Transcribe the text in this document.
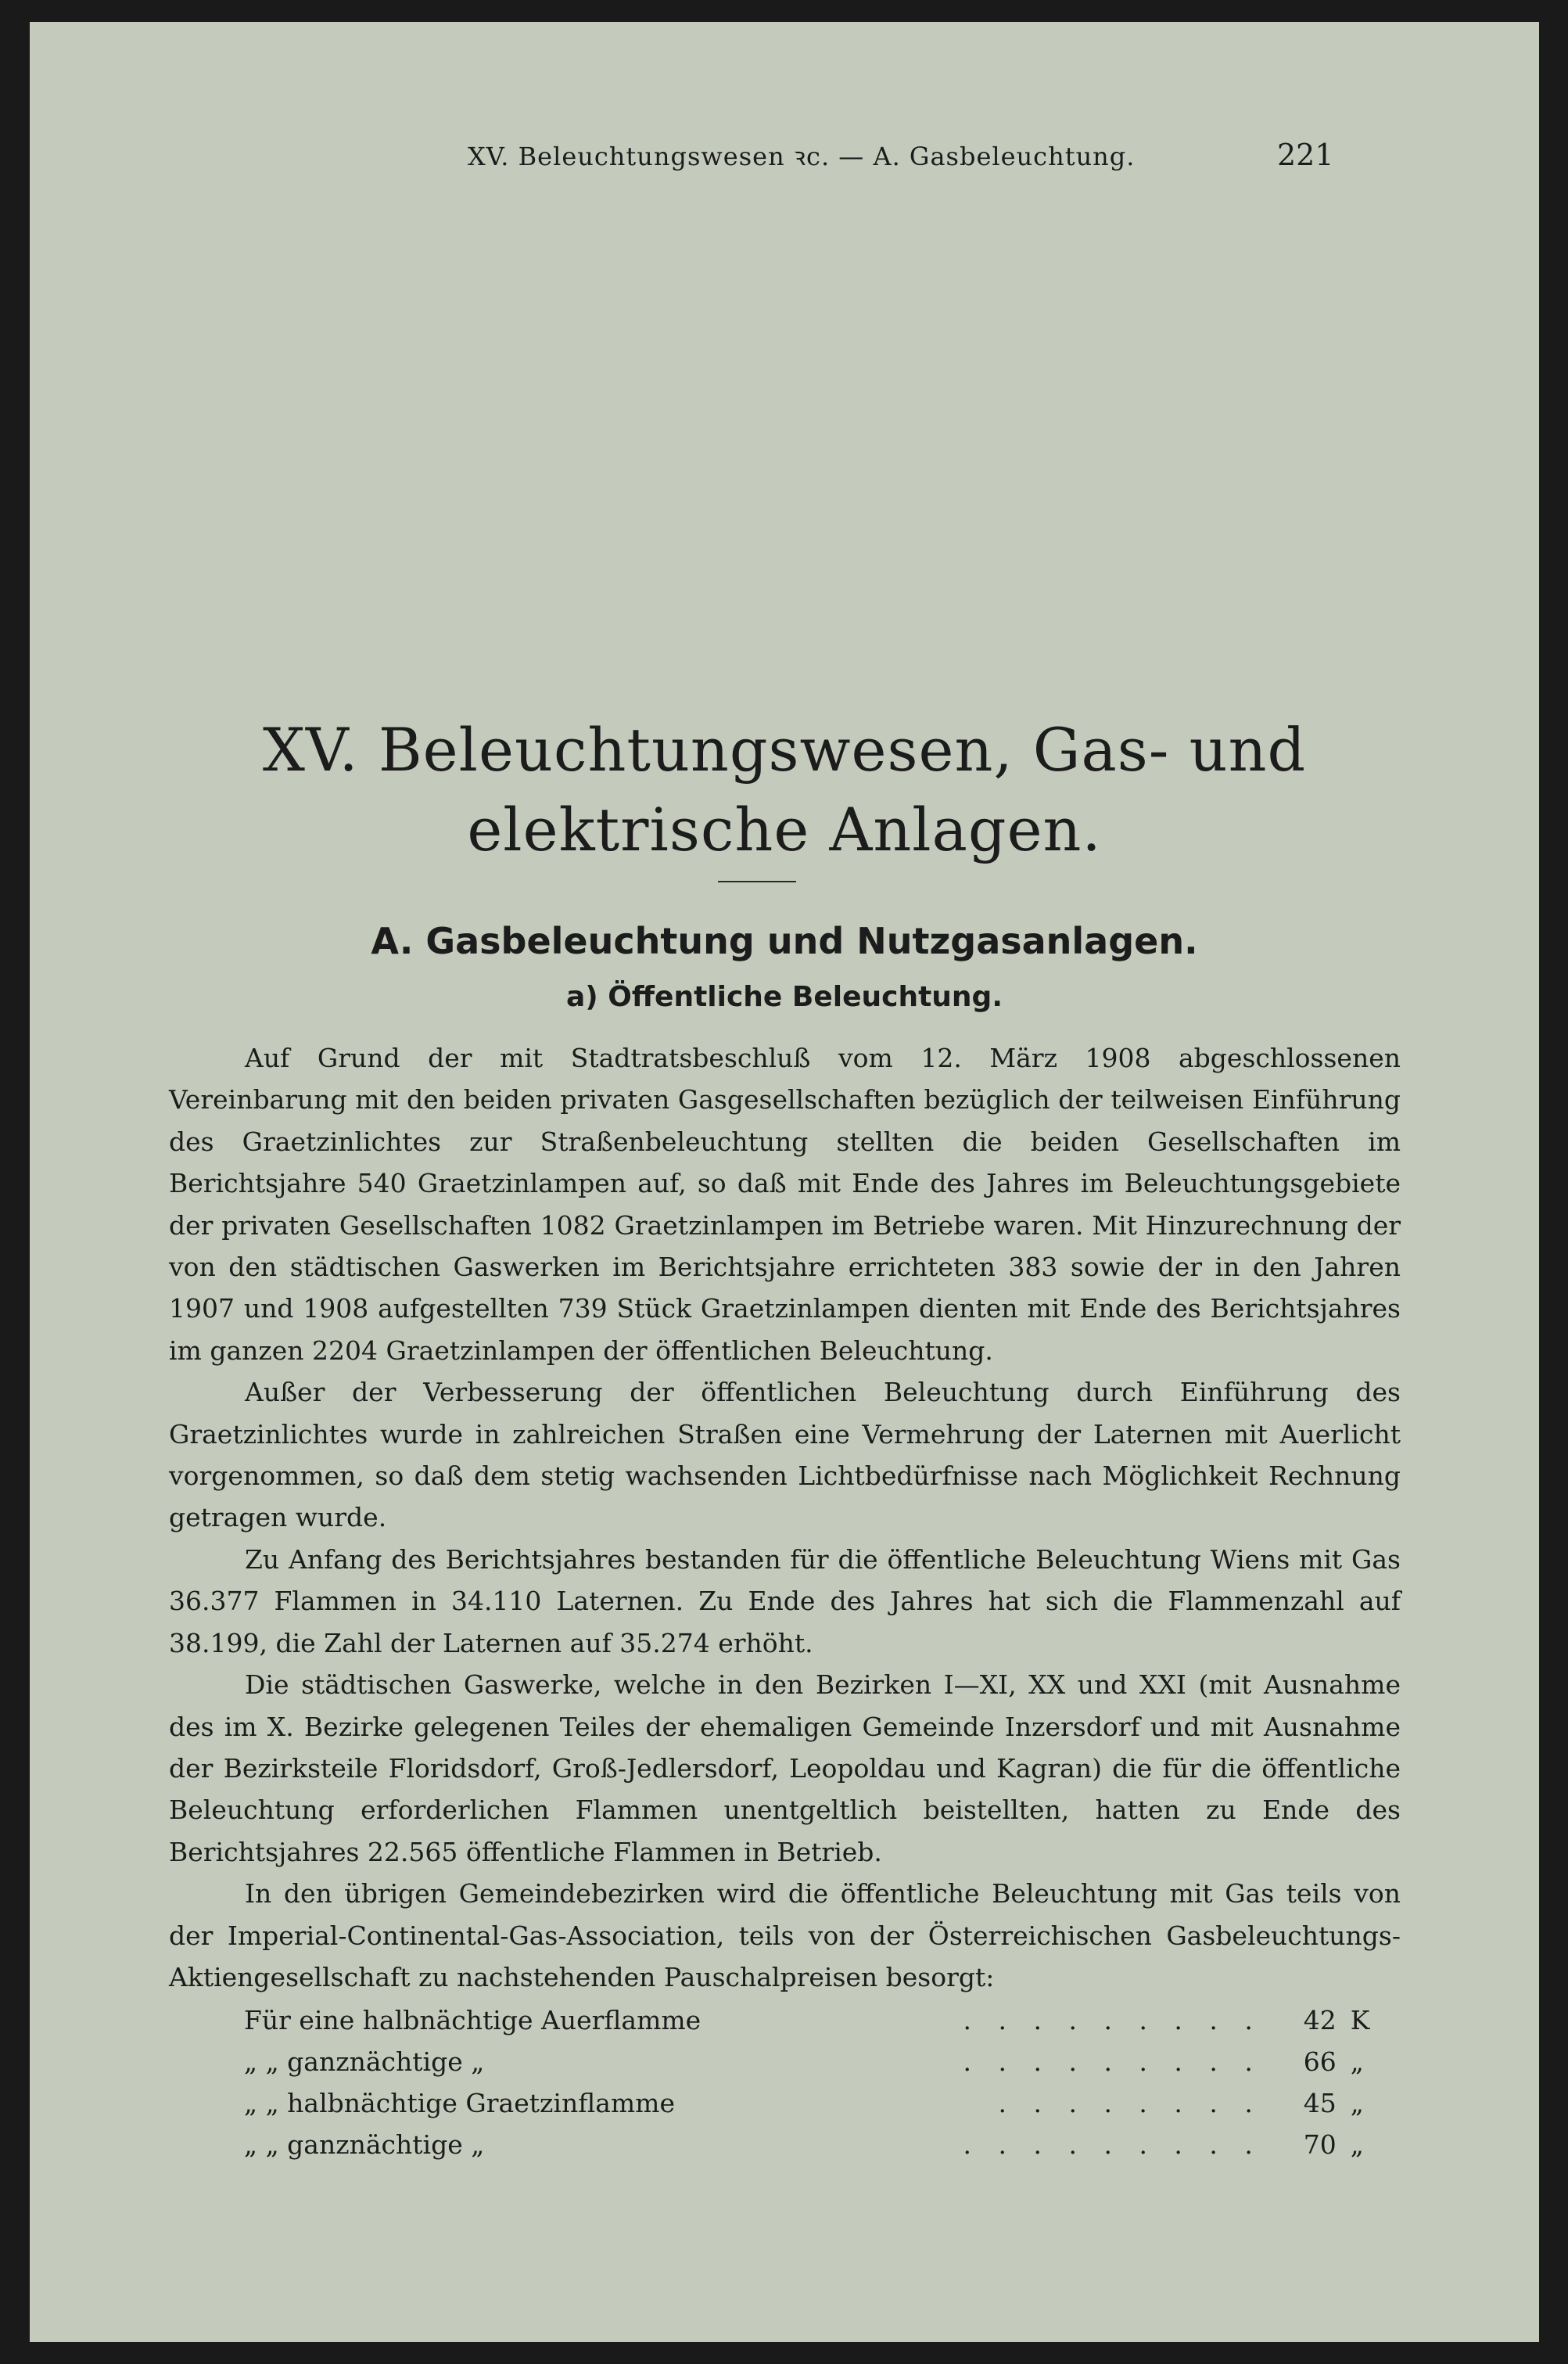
XV. Beleuchtungswesen ꝛc. — A. Gasbeleuchtung.	221
XV. Beleuchtungswesen, Gas- und elektrische Anlagen.
A. Gasbeleuchtung und Nutzgasanlagen.
a) Öffentliche Beleuchtung.

Auf Grund der mit Stadtratsbeschluß vom 12. März 1908 abgeschlossenen Vereinbarung mit den beiden privaten Gasgesellschaften bezüglich der teilweisen Einführung des Graetzinlichtes zur Straßenbeleuchtung stellten die beiden Gesellschaften im Berichtsjahre 540 Graetzinlampen auf, so daß mit Ende des Jahres im Beleuchtungsgebiete der privaten Gesellschaften 1082 Graetzinlampen im Betriebe waren. Mit Hinzurechnung der von den städtischen Gaswerken im Berichtsjahre errichteten 383 sowie der in den Jahren 1907 und 1908 aufgestellten 739 Stück Graetzinlampen dienten mit Ende des Berichtsjahres im ganzen 2204 Graetzinlampen der öffentlichen Beleuchtung.

Außer der Verbesserung der öffentlichen Beleuchtung durch Einführung des Graetzinlichtes wurde in zahlreichen Straßen eine Vermehrung der Laternen mit Auerlicht vorgenommen, so daß dem stetig wachsenden Lichtbedürfnisse nach Möglichkeit Rechnung getragen wurde.

Zu Anfang des Berichtsjahres bestanden für die öffentliche Beleuchtung Wiens mit Gas 36.377 Flammen in 34.110 Laternen. Zu Ende des Jahres hat sich die Flammenzahl auf 38.199, die Zahl der Laternen auf 35.274 erhöht.

Die städtischen Gaswerke, welche in den Bezirken I—XI, XX und XXI (mit Ausnahme des im X. Bezirke gelegenen Teiles der ehemaligen Gemeinde Inzersdorf und mit Ausnahme der Bezirksteile Floridsdorf, Groß-Jedlersdorf, Leopoldau und Kagran) die für die öffentliche Beleuchtung erforderlichen Flammen unentgeltlich beistellten, hatten zu Ende des Berichtsjahres 22.565 öffentliche Flammen in Betrieb.

In den übrigen Gemeindebezirken wird die öffentliche Beleuchtung mit Gas teils von der Imperial-Continental-Gas-Association, teils von der Österreichischen Gasbeleuchtungs-Aktiengesellschaft zu nachstehenden Pauschalpreisen besorgt:

Für eine halbnächtige Auerflamme	. . . . . . . . .	42	K
„ „ ganznächtige „	. . . . . . . . .	66	„
„ „ halbnächtige Graetzinflamme	. . . . . . . .	45	„
„ „ ganznächtige „	. . . . . . . . .	70	„
